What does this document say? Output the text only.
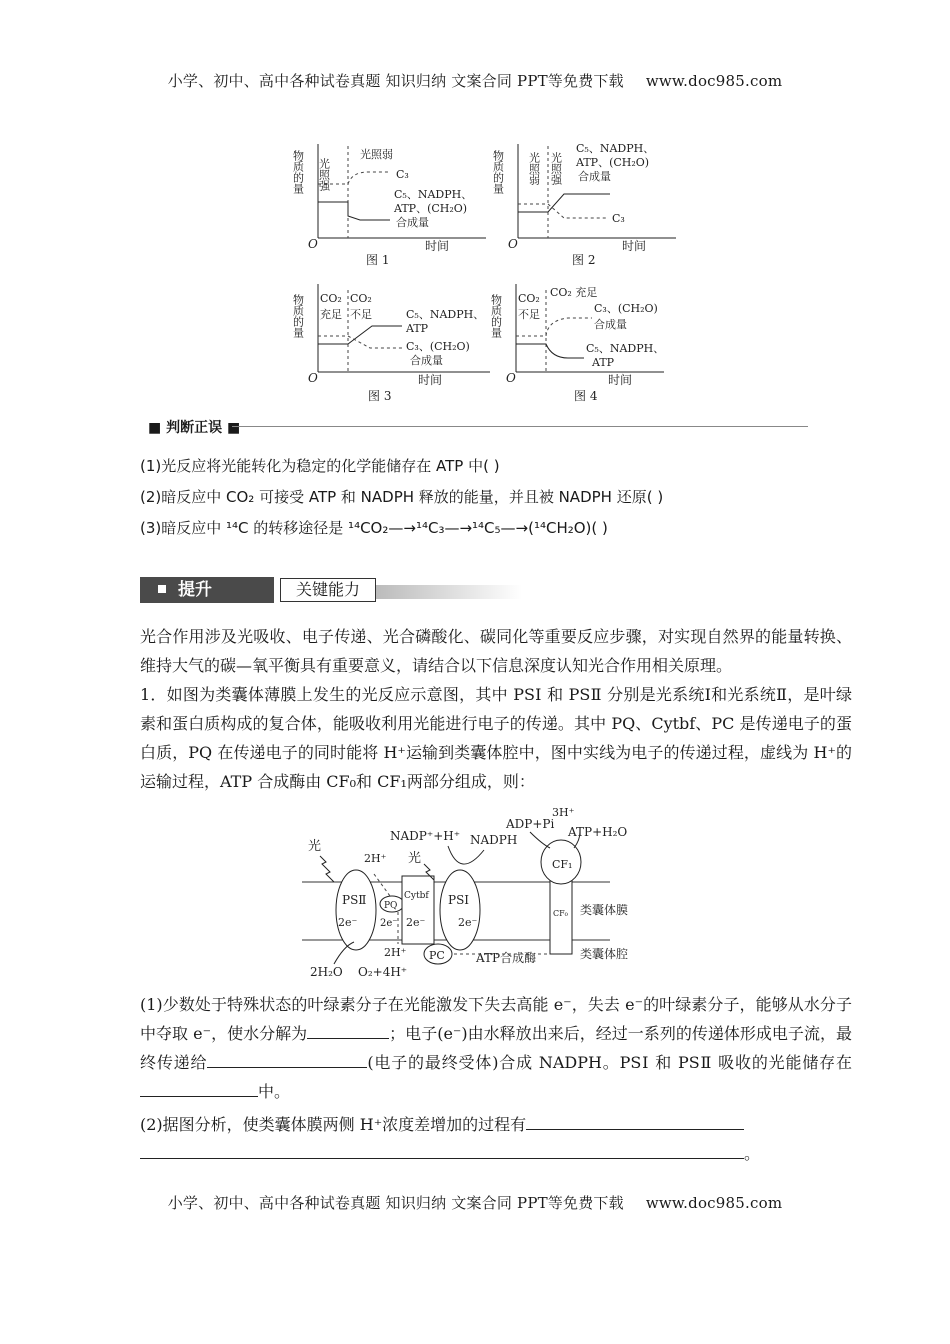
小学、初中、高中各种试卷真题 知识归纳 文案合同 PPT等免费下载 www.doc985.com
物质的量
O	时间
光照强
光照弱
C₃
C₅、NADPH、
ATP、(CH₂O)
合成量
图 1
物质的量
O	时间
光照弱 光照强
C₅、NADPH、
ATP、(CH₂O)
合成量
C₃
图 2
物质的量
O	时间
CO₂
充足
CO₂
不足	C₅、NADPH、
ATP
C₃、(CH₂O)
合成量
图 3
物质的量
O	时间
CO₂
不足
CO₂ 充足
C₃、(CH₂O)
合成量
C₅、NADPH、
ATP
图 4
■ 判断正误 ■
(1)光反应将光能转化为稳定的化学能储存在 ATP 中( )
(2)暗反应中 CO₂ 可接受 ATP 和 NADPH 释放的能量，并且被 NADPH 还原( )
(3)暗反应中 ¹⁴C 的转移途径是 ¹⁴CO₂—→¹⁴C₃—→¹⁴C₅—→(¹⁴CH₂O)( )
提升	关键能力

光合作用涉及光吸收、电子传递、光合磷酸化、碳同化等重要反应步骤，对实现自然界的能量转换、维持大气的碳—氧平衡具有重要意义，请结合以下信息深度认知光合作用相关原理。

1．如图为类囊体薄膜上发生的光反应示意图，其中 PSⅠ 和 PSⅡ 分别是光系统Ⅰ和光系统Ⅱ，是叶绿素和蛋白质构成的复合体，能吸收利用光能进行电子的传递。其中 PQ、Cytbf、PC 是传递电子的蛋白质，PQ 在传递电子的同时能将 H⁺运输到类囊体腔中，图中实线为电子的传递过程，虚线为 H⁺的运输过程，ATP 合成酶由 CF₀和 CF₁两部分组成，则：

类囊体膜
类囊体腔
PSⅡ
2e⁻
PQ
2e⁻
Cytbf
2e⁻
PSⅠ
2e⁻
PC
CF₁
CF₀
3H⁺
ADP+Pi
ATP+H₂O
光
2H⁺
NADP⁺+H⁺ NADPH
光
2H⁺	ATP合成酶
2H₂O O₂+4H⁺

(1)少数处于特殊状态的叶绿素分子在光能激发下失去高能 e⁻，失去 e⁻的叶绿素分子，能够从水分子中夺取 e⁻，使水分解为	；电子(e⁻)由水释放出来后，经过一系列的传递体形成电子流，最终传递给	(电子的最终受体)合成 NADPH。PSⅠ 和 PSⅡ 吸收的光能储存在中。

(2)据图分析，使类囊体膜两侧 H⁺浓度差增加的过程有

。

小学、初中、高中各种试卷真题 知识归纳 文案合同 PPT等免费下载 www.doc985.com
